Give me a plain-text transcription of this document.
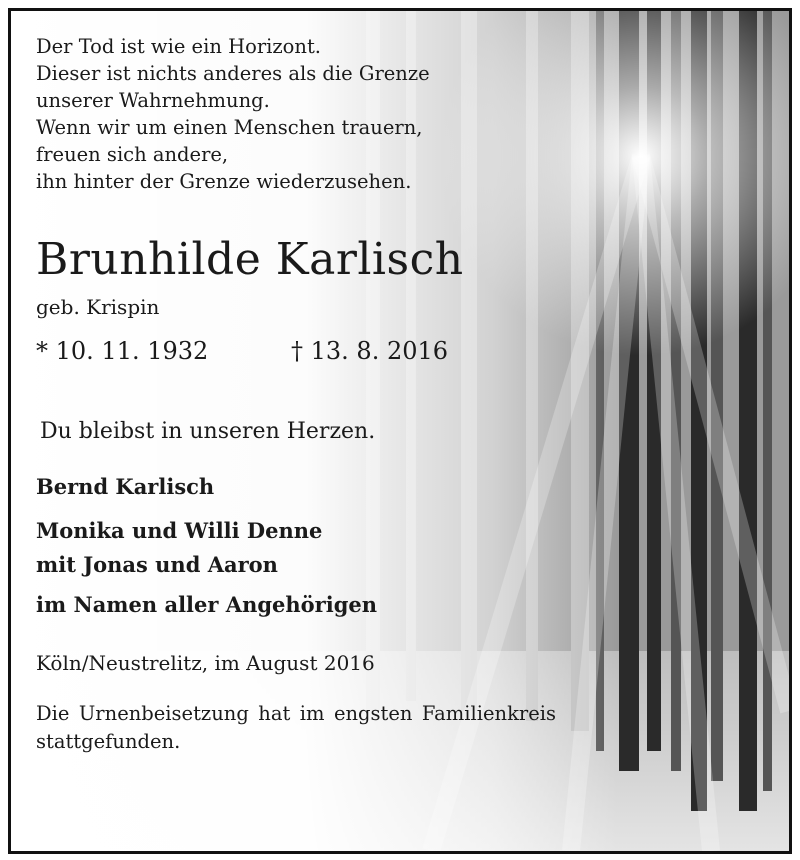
Der Tod ist wie ein Horizont.
Dieser ist nichts anderes als die Grenze
unserer Wahrnehmung.
Wenn wir um einen Menschen trauern,
freuen sich andere,
ihn hinter der Grenze wiederzusehen.
Brunhilde Karlisch
geb. Krispin
* 10. 11. 1932	† 13. 8. 2016
Du bleibst in unseren Herzen.
Bernd Karlisch
Monika und Willi Denne
mit Jonas und Aaron
im Namen aller Angehörigen
Köln/Neustrelitz, im August 2016
Die Urnenbeisetzung hat im engsten Familienkreis stattgefunden.
